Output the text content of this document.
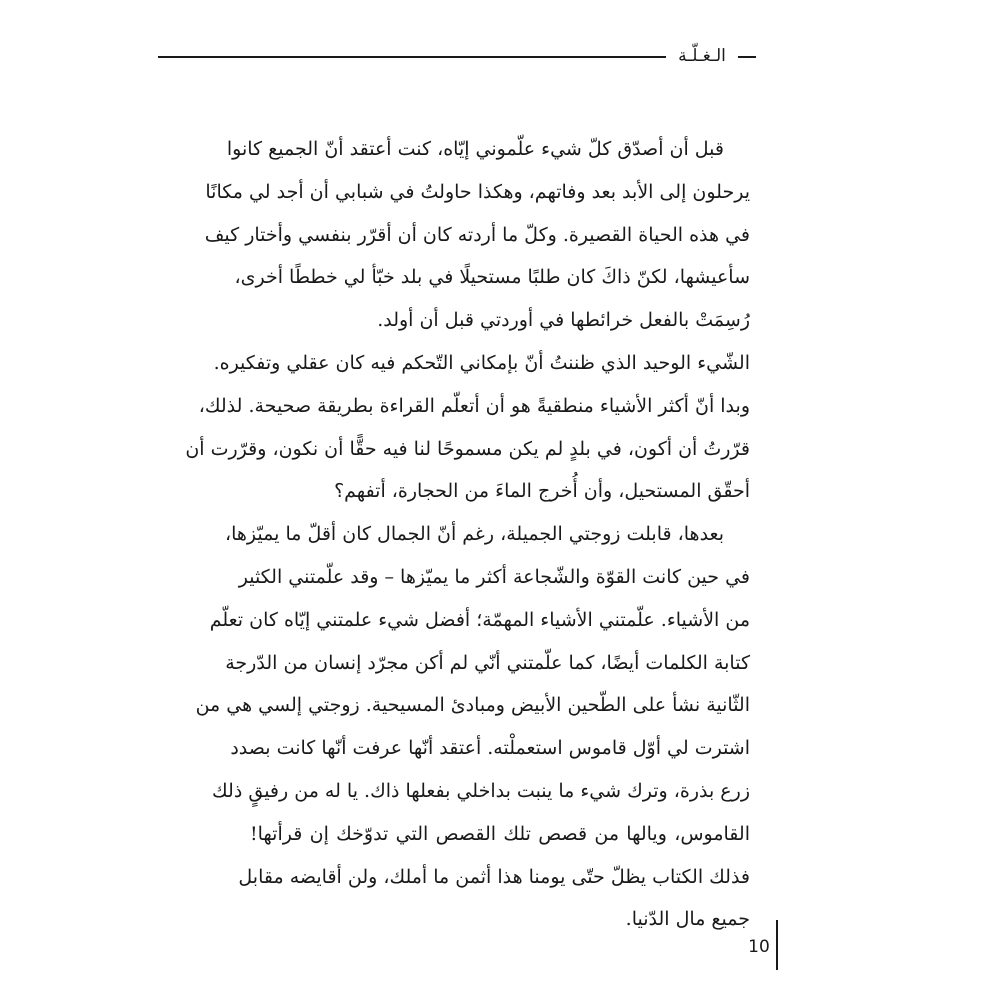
الـغـلّـة
قبل أن أصدّق كلّ شيء علّموني إيّاه، كنت أعتقد أنّ الجميع كانوا
يرحلون إلى الأبد بعد وفاتهم، وهكذا حاولتُ في شبابي أن أجد لي مكانًا
في هذه الحياة القصيرة. وكلّ ما أردته كان أن أقرّر بنفسي وأختار كيف
سأعيشها، لكنّ ذاكَ كان طلبًا مستحيلًا في بلد خبّأ لي خططًا أخرى،
رُسِمَتْ بالفعل خرائطها في أوردتي قبل أن أولد.
الشّيء الوحيد الذي ظننتُ أنّ بإمكاني التّحكم فيه كان عقلي وتفكيره.
وبدا أنّ أكثر الأشياء منطقيةً هو أن أتعلّم القراءة بطريقة صحيحة. لذلك،
قرّرتُ أن أكون، في بلدٍ لم يكن مسموحًا لنا فيه حقًّا أن نكون، وقرّرت أن
أحقّق المستحيل، وأن أُخرج الماءَ من الحجارة، أتفهم؟
بعدها، قابلت زوجتي الجميلة، رغم أنّ الجمال كان أقلّ ما يميّزها،
في حين كانت القوّة والشّجاعة أكثر ما يميّزها – وقد علّمتني الكثير
من الأشياء. علّمتني الأشياء المهمّة؛ أفضل شيء علمتني إيّاه كان تعلّم
كتابة الكلمات أيضًا، كما علّمتني أنّي لم أكن مجرّد إنسان من الدّرجة
الثّانية نشأ على الطّحين الأبيض ومبادئ المسيحية. زوجتي إلسي هي من
اشترت لي أوّل قاموس استعملْته. أعتقد أنّها عرفت أنّها كانت بصدد
زرع بذرة، وترك شيء ما ينبت بداخلي بفعلها ذاك. يا له من رفيقٍ ذلك
القاموس، ويالها من قصص تلك القصص التي تدوّخك إن قرأتها!
فذلك الكتاب يظلّ حتّى يومنا هذا أثمن ما أملك، ولن أقايضه مقابل
جميع مال الدّنيا.
10
